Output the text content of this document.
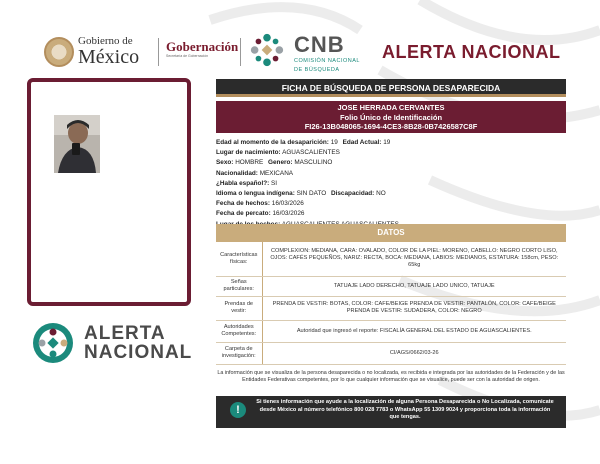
Gobierno de
México Gobernación
Secretaría de Gobernación	CNB
COMISIÓN NACIONAL
DE BÚSQUEDA
ALERTA NACIONAL
ALERTA
NACIONAL
FICHA DE BÚSQUEDA DE PERSONA DESAPARECIDA
JOSE HERRADA CERVANTES
Folio Único de Identificación
FI26-13B048065-1694-4CE3-8B28-0B7426587C8F
Edad al momento de la desaparición: 19 Edad Actual: 19
Lugar de nacimiento: AGUASCALIENTES
Sexo: HOMBRE Genero: MASCULINO
Nacionalidad: MEXICANA
¿Habla español?: SI
Idioma o lengua indígena: SIN DATO Discapacidad: NO
Fecha de hechos: 16/03/2026
Fecha de percato: 16/03/2026
DATOS
Características físicas:	COMPLEXION: MEDIANA, CARA: OVALADO, COLOR DE LA PIEL: MORENO, CABELLO: NEGRO CORTO LISO, OJOS: CAFÉS PEQUEÑOS, NARIZ: RECTA, BOCA: MEDIANA, LABIOS: MEDIANOS, ESTATURA: 158cm, PESO: 65kg
Señas particulares:	TATUAJE LADO DERECHO, TATUAJE LADO UNICO, TATUAJE
Prendas de vestir:	PRENDA DE VESTIR: BOTAS, COLOR: CAFE/BEIGE PRENDA DE VESTIR: PANTALÓN, COLOR: CAFE/BEIGE PRENDA DE VESTIR: SUDADERA, COLOR: NEGRO
Autoridades Competentes:	Autoridad que ingresó el reporte: FISCALÍA GENERAL DEL ESTADO DE AGUASCALIENTES.
Carpeta de investigación:	CI/AGS/0662/03-26
La información que se visualiza de la persona desaparecida o no localizada, es recibida e integrada por las autoridades de la Federación y de las Entidades Federativas competentes, por lo que cualquier información que se visualice, puede ser con la autoridad de origen.
!
Si tienes información que ayude a la localización de alguna Persona Desaparecida o No Localizada, comunicate desde México al número telefónico 800 028 7783 o WhatsApp 55 1309 9024 y proporciona toda la información que tengas.
